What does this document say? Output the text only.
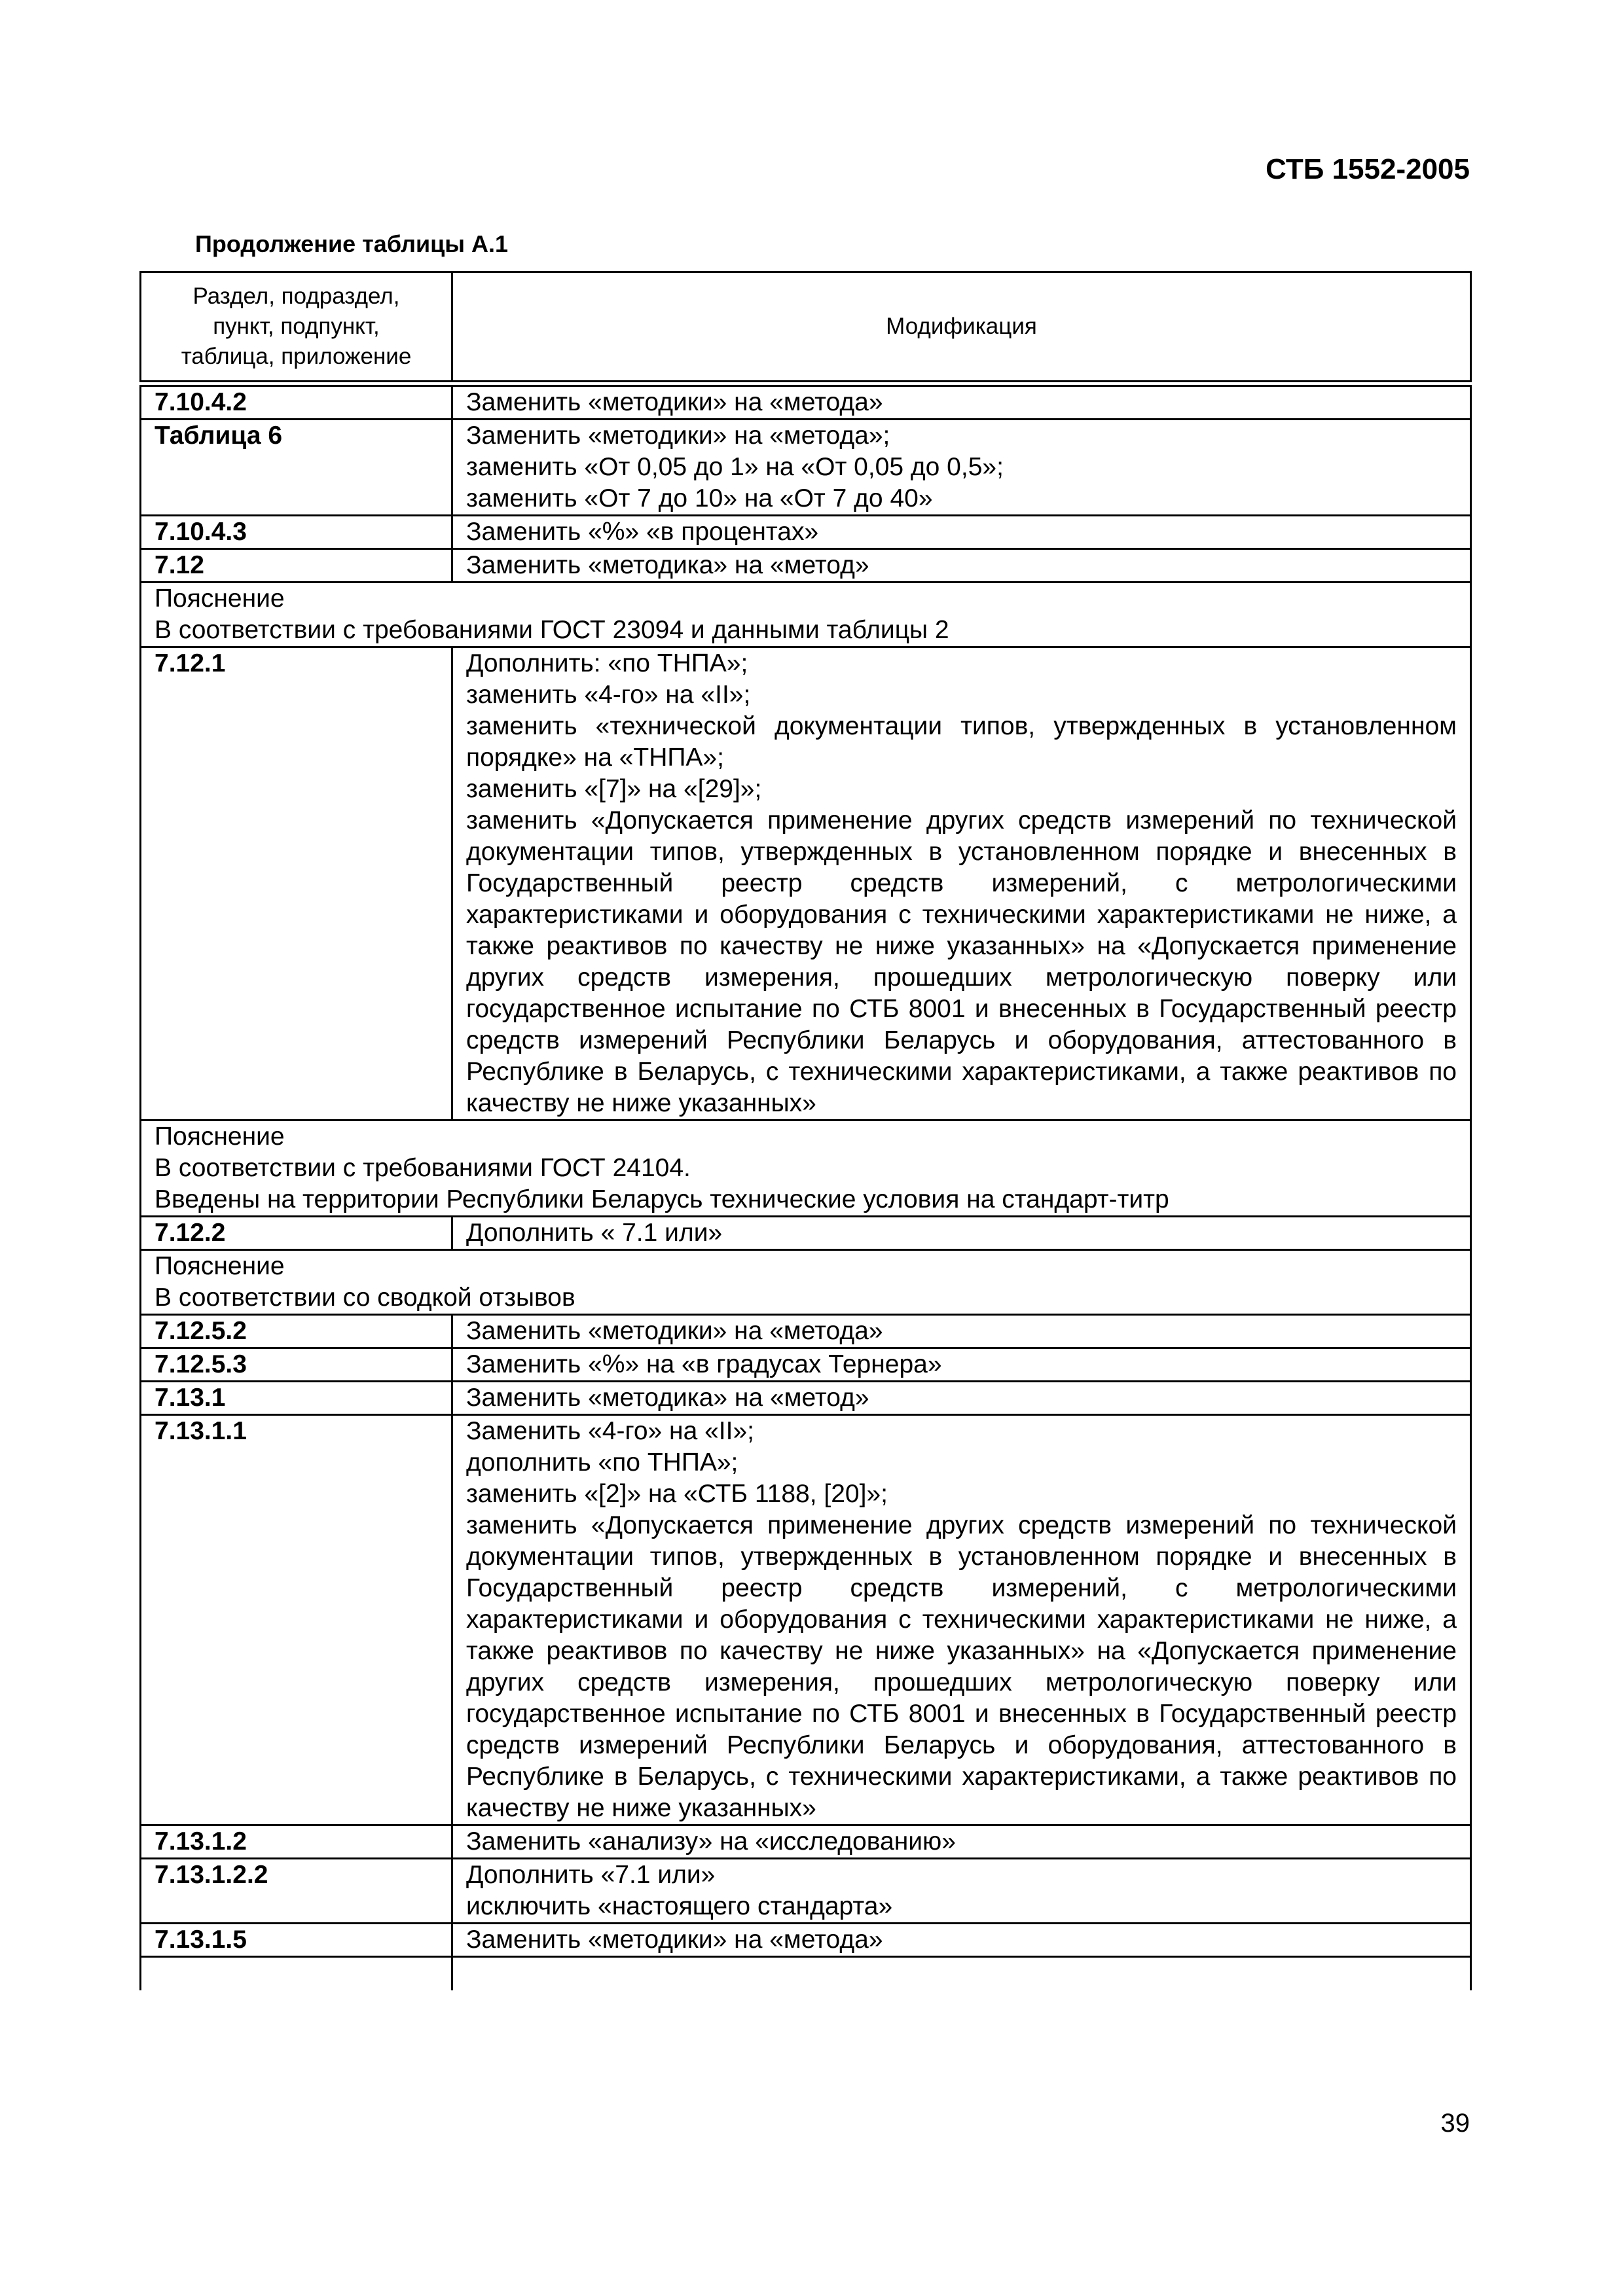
СТБ 1552-2005
Продолжение таблицы А.1
Раздел, подраздел,
пункт, подпункт,
таблица, приложение	Модификация
7.10.4.2	Заменить «методики» на «метода»

Таблица 6	Заменить «методики» на «метода»;
заменить «От 0,05 до 1» на «От 0,05 до 0,5»;
заменить «От 7 до 10» на «От 7 до 40»

7.10.4.3	Заменить «%» «в процентах»

7.12	Заменить «методика» на «метод»

Пояснение
В соответствии с требованиями ГОСТ 23094 и данными таблицы 2	

7.12.1	Дополнить: «по ТНПА»;
заменить «4-го» на «II»;
заменить «технической документации типов, утвержденных в установленном порядке» на «ТНПА»;
заменить «[7]» на «[29]»;
заменить «Допускается применение других средств измерений по технической документации типов, утвержденных в установленном порядке и внесенных в Государственный реестр средств измерений, с метрологическими характеристиками и оборудования с техническими характеристиками не ниже, а также реактивов по качеству не ниже указанных» на «Допускается применение других средств измерения, прошедших метрологическую поверку или государственное испытание по СТБ 8001 и внесенных в Государственный реестр средств измерений Республики Беларусь и оборудования, аттестованного в Республике в Беларусь, с техническими характеристиками, а также реактивов по качеству не ниже указанных»

Пояснение
В соответствии с требованиями ГОСТ 24104.
Введены на территории Республики Беларусь технические условия на стандарт-титр	

7.12.2	Дополнить « 7.1 или»

Пояснение
В соответствии со сводкой отзывов	

7.12.5.2	Заменить «методики» на «метода»

7.12.5.3	Заменить «%» на «в градусах Тернера»

7.13.1	Заменить «методика» на «метод»

7.13.1.1	Заменить «4-го» на «II»;
дополнить «по ТНПА»;
заменить «[2]» на «СТБ 1188, [20]»;
заменить «Допускается применение других средств измерений по технической документации типов, утвержденных в установленном порядке и внесенных в Государственный реестр средств измерений, с метрологическими характеристиками и оборудования с техническими характеристиками не ниже, а также реактивов по качеству не ниже указанных» на «Допускается применение других средств измерения, прошедших метрологическую поверку или государственное испытание по СТБ 8001 и внесенных в Государственный реестр средств измерений Республики Беларусь и оборудования, аттестованного в Республике в Беларусь, с техническими характеристиками, а также реактивов по качеству не ниже указанных»

7.13.1.2	Заменить «анализу» на «исследованию»

7.13.1.2.2	Дополнить «7.1 или»
исключить «настоящего стандарта»

7.13.1.5	Заменить «методики» на «метода»

39
